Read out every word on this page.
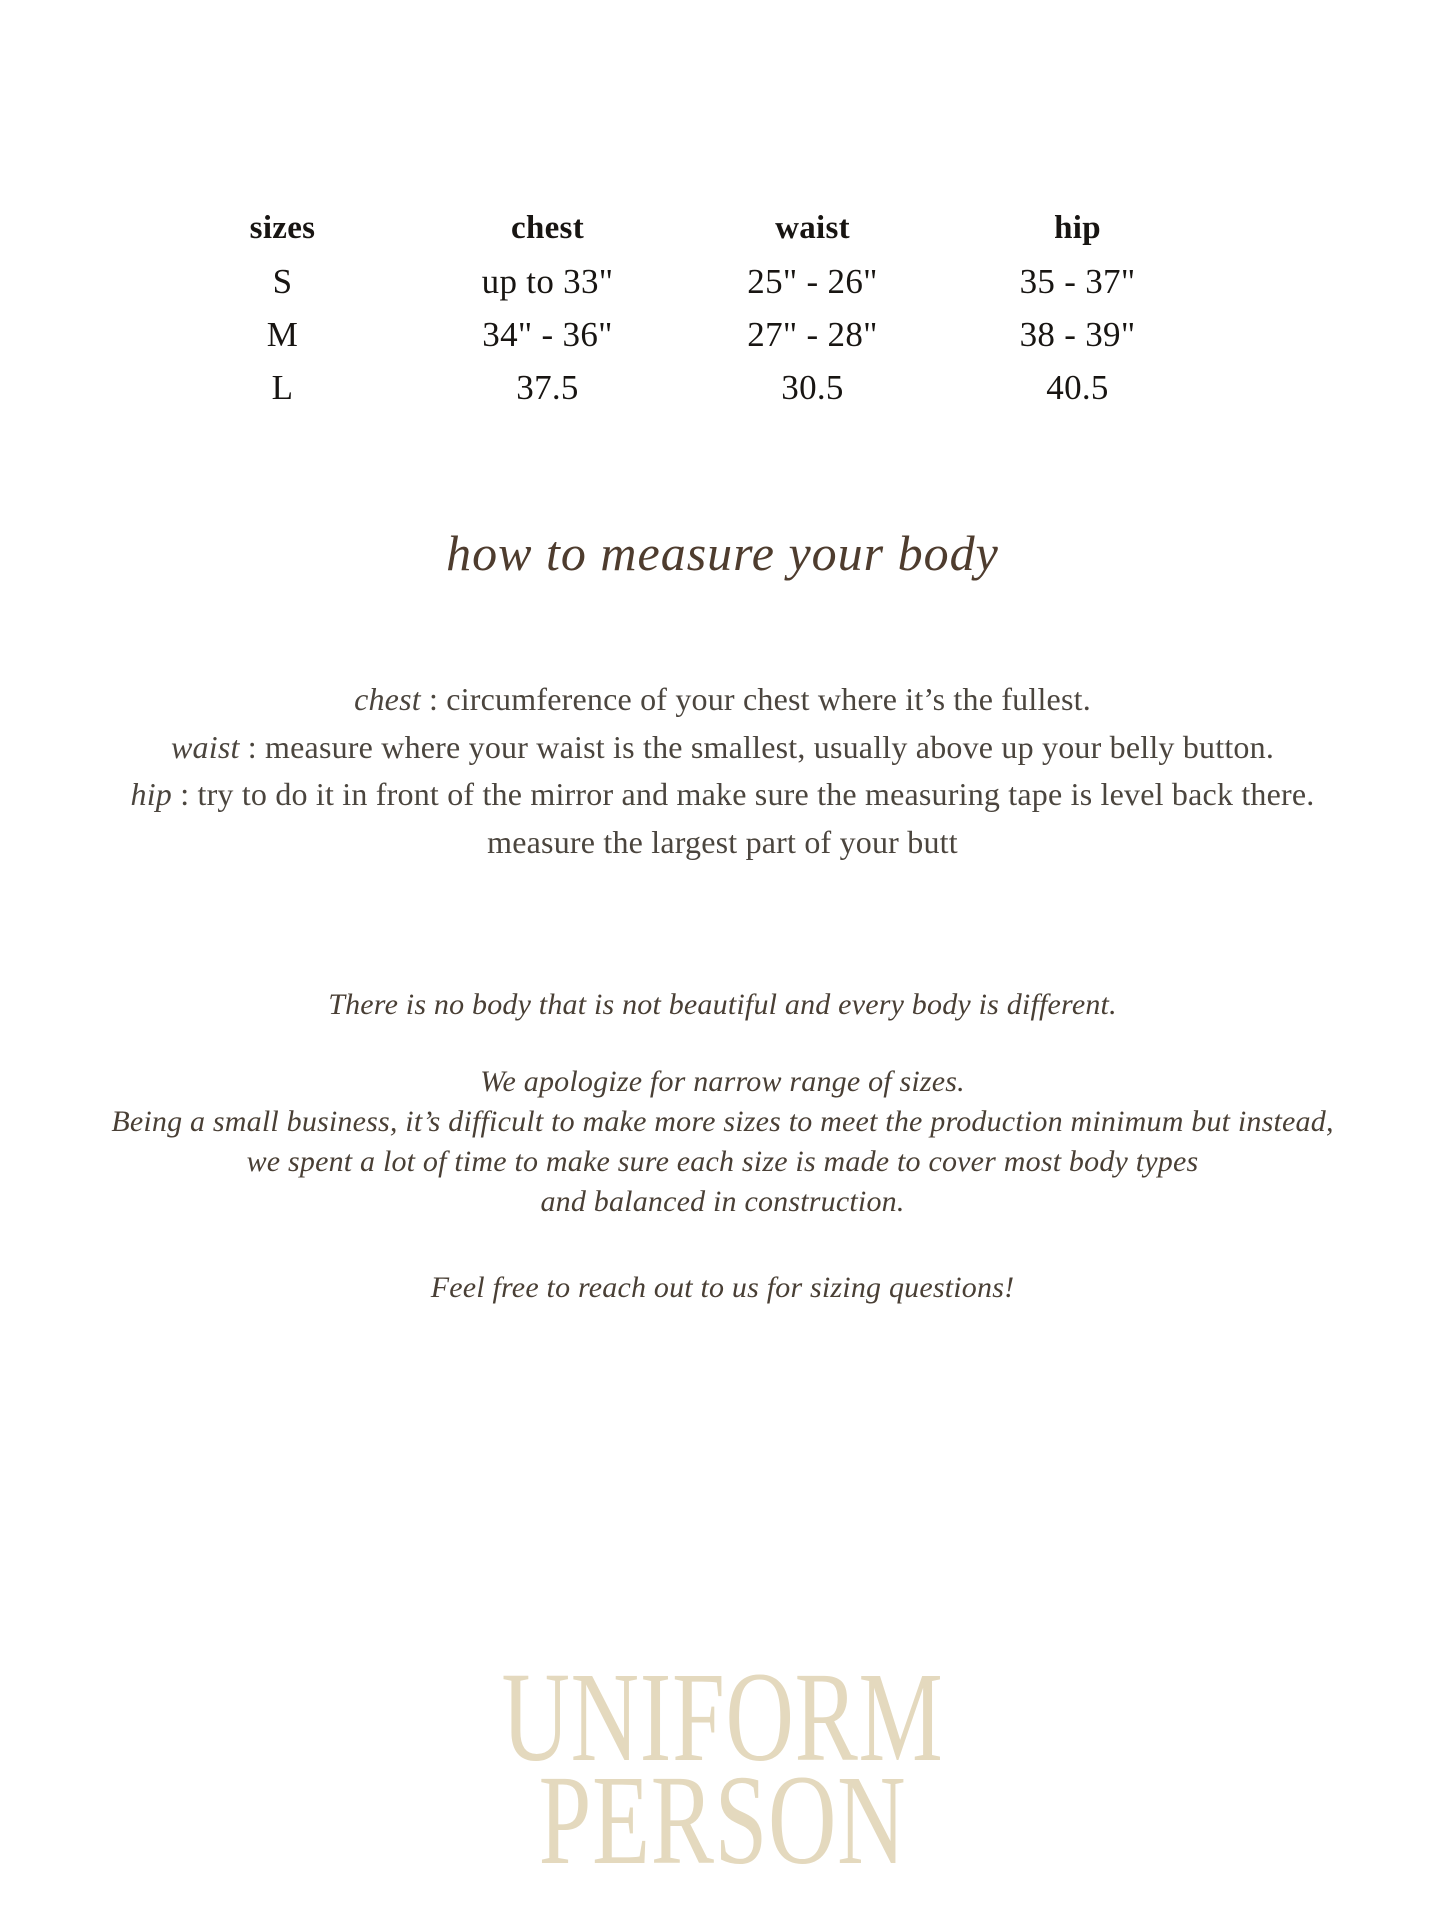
sizes	chest	waist	hip
S	up to 33"	25" - 26"	35 - 37"
M	34" - 36"	27" - 28"	38 - 39"
L	37.5	30.5	40.5
how to measure your body

chest : circumference of your chest where it’s the fullest.

waist : measure where your waist is the smallest, usually above up your belly button.

hip : try to do it in front of the mirror and make sure the measuring tape is level back there.

measure the largest part of your butt

There is no body that is not beautiful and every body is different.

We apologize for narrow range of sizes.

Being a small business, it’s difficult to make more sizes to meet the production minimum but instead,

we spent a lot of time to make sure each size is made to cover most body types

and balanced in construction.

Feel free to reach out to us for sizing questions!

UNIFORM
PERSON
